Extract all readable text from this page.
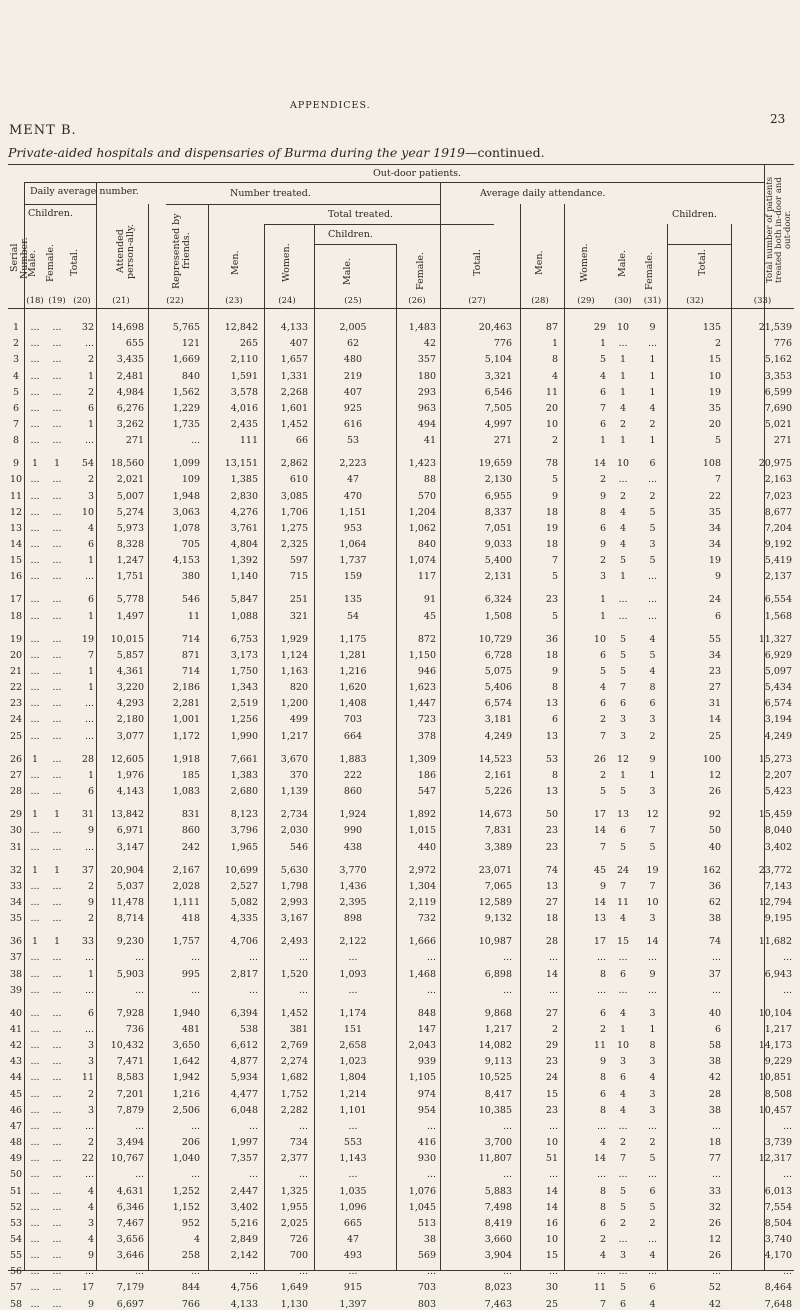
APPENDICES.
MENT B.
23
Private-aided hospitals and dispensaries of Burma during the year 1919—continued.
Out-door patients.
Daily average number.	Number treated.	Average daily attendance.
Total treated.
Children.
Children.
Children.
Serial Number.
Male. Female. Total.	Attended person-ally.	Represented by friends.	Men.	Women.	Male.	Female.	Total.	Men.	Women.	Male. Female.	Total.	Total number of patients treated both in-door and out-door.
(18) (19) (20)	(21)	(22)	(23)	(24)	(25)	(26)	(27)	(28)	(29)	(30)	(31)	(32)	(33)
1	...	...	32	14,698	5,765	12,842	4,133	2,005	1,483	20,463	87	29	10	9	135	21,539
2	...	...	...	655	121	265	407	62	42	776	1	1	...	...	2	776
3	...	...	2	3,435	1,669	2,110	1,657	480	357	5,104	8	5	1	1	15	5,162
4	...	...	1	2,481	840	1,591	1,331	219	180	3,321	4	4	1	1	10	3,353
5	...	...	2	4,984	1,562	3,578	2,268	407	293	6,546	11	6	1	1	19	6,599
6	...	...	6	6,276	1,229	4,016	1,601	925	963	7,505	20	7	4	4	35	7,690
7	...	...	1	3,262	1,735	2,435	1,452	616	494	4,997	10	6	2	2	20	5,021
8	...	...	...	271	...	111	66	53	41	271	2	1	1	1	5	271
9	1	1	54	18,560	1,099	13,151	2,862	2,223	1,423	19,659	78	14	10	6	108	20,975
10 ...	...	2	2,021	109	1,385	610	47	88	2,130	5	2	...	...	7	2,163
11 ...	...	3	5,007	1,948	2,830	3,085	470	570	6,955	9	9	2	2	22	7,023
12 ...	...	10	5,274	3,063	4,276	1,706	1,151	1,204	8,337	18	8	4	5	35	8,677
13 ...	...	4	5,973	1,078	3,761	1,275	953	1,062	7,051	19	6	4	5	34	7,204
14 ...	...	6	8,328	705	4,804	2,325	1,064	840	9,033	18	9	4	3	34	9,192
15 ...	...	1	1,247	4,153	1,392	597	1,737	1,074	5,400	7	2	5	5	19	5,419
16 ...	...	...	1,751	380	1,140	715	159	117	2,131	5	3	1	...	9	2,137
17 ...	...	6	5,778	546	5,847	251	135	91	6,324	23	1	...	...	24	6,554
18 ...	...	1	1,497	11	1,088	321	54	45	1,508	5	1	...	...	6	1,568
19 ...	...	19	10,015	714	6,753	1,929	1,175	872	10,729	36	10	5	4	55	11,327
20 ...	...	7	5,857	871	3,173	1,124	1,281	1,150	6,728	18	6	5	5	34	6,929
21 ...	...	1	4,361	714	1,750	1,163	1,216	946	5,075	9	5	5	4	23	5,097
22 ...	...	1	3,220	2,186	1,343	820	1,620	1,623	5,406	8	4	7	8	27	5,434
23 ...	...	...	4,293	2,281	2,519	1,200	1,408	1,447	6,574	13	6	6	6	31	6,574
24 ...	...	...	2,180	1,001	1,256	499	703	723	3,181	6	2	3	3	14	3,194
25 ...	...	...	3,077	1,172	1,990	1,217	664	378	4,249	13	7	3	2	25	4,249
26	1	...	28	12,605	1,918	7,661	3,670	1,883	1,309	14,523	53	26	12	9	100	15,273
27 ...	...	1	1,976	185	1,383	370	222	186	2,161	8	2	1	1	12	2,207
28 ...	...	6	4,143	1,083	2,680	1,139	860	547	5,226	13	5	5	3	26	5,423
29	1	1	31	13,842	831	8,123	2,734	1,924	1,892	14,673	50	17	13	12	92	15,459
30 ...	...	9	6,971	860	3,796	2,030	990	1,015	7,831	23	14	6	7	50	8,040
31 ...	...	...	3,147	242	1,965	546	438	440	3,389	23	7	5	5	40	3,402
32	1	1	37	20,904	2,167	10,699	5,630	3,770	2,972	23,071	74	45	24	19	162	23,772
33 ...	...	2	5,037	2,028	2,527	1,798	1,436	1,304	7,065	13	9	7	7	36	7,143
34 ...	...	9	11,478	1,111	5,082	2,993	2,395	2,119	12,589	27	14	11	10	62	12,794
35 ...	...	2	8,714	418	4,335	3,167	898	732	9,132	18	13	4	3	38	9,195
36	1	1	33	9,230	1,757	4,706	2,493	2,122	1,666	10,987	28	17	15	14	74	11,682
37 ...	...	...	...	...	...	...	...	...	...	...	...	...	...	...	...
38 ...	...	1	5,903	995	2,817	1,520	1,093	1,468	6,898	14	8	6	9	37	6,943
39 ...	...	...	...	...	...	...	...	...	...	...	...	...	...	...	...
40 ...	...	6	7,928	1,940	6,394	1,452	1,174	848	9,868	27	6	4	3	40	10,104
41 ...	...	...	736	481	538	381	151	147	1,217	2	2	1	1	6	1,217
42 ...	...	3	10,432	3,650	6,612	2,769	2,658	2,043	14,082	29	11	10	8	58	14,173
43 ...	...	3	7,471	1,642	4,877	2,274	1,023	939	9,113	23	9	3	3	38	9,229
44 ...	...	11	8,583	1,942	5,934	1,682	1,804	1,105	10,525	24	8	6	4	42	10,851
45 ...	...	2	7,201	1,216	4,477	1,752	1,214	974	8,417	15	6	4	3	28	8,508
46 ...	...	3	7,879	2,506	6,048	2,282	1,101	954	10,385	23	8	4	3	38	10,457
47 ...	...	...	...	...	...	...	...	...	...	...	...	...	...	...	...
48 ...	...	2	3,494	206	1,997	734	553	416	3,700	10	4	2	2	18	3,739
49 ...	...	22	10,767	1,040	7,357	2,377	1,143	930	11,807	51	14	7	5	77	12,317
50 ...	...	...	...	...	...	...	...	...	...	...	...	...	...	...	...
51 ...	...	4	4,631	1,252	2,447	1,325	1,035	1,076	5,883	14	8	5	6	33	6,013
52 ...	...	4	6,346	1,152	3,402	1,955	1,096	1,045	7,498	14	8	5	5	32	7,554
53 ...	...	3	7,467	952	5,216	2,025	665	513	8,419	16	6	2	2	26	8,504
54 ...	...	4	3,656	4	2,849	726	47	38	3,660	10	2	...	...	12	3,740
55 ...	...	9	3,646	258	2,142	700	493	569	3,904	15	4	3	4	26	4,170
56 ...	...	...	...	...	...	...	...	...	...	...	...	...	...	...	...
57 ...	...	17	7,179	844	4,756	1,649	915	703	8,023	30	11	5	6	52	8,464
58 ...	...	9	6,697	766	4,133	1,130	1,397	803	7,463	25	7	6	4	42	7,648
